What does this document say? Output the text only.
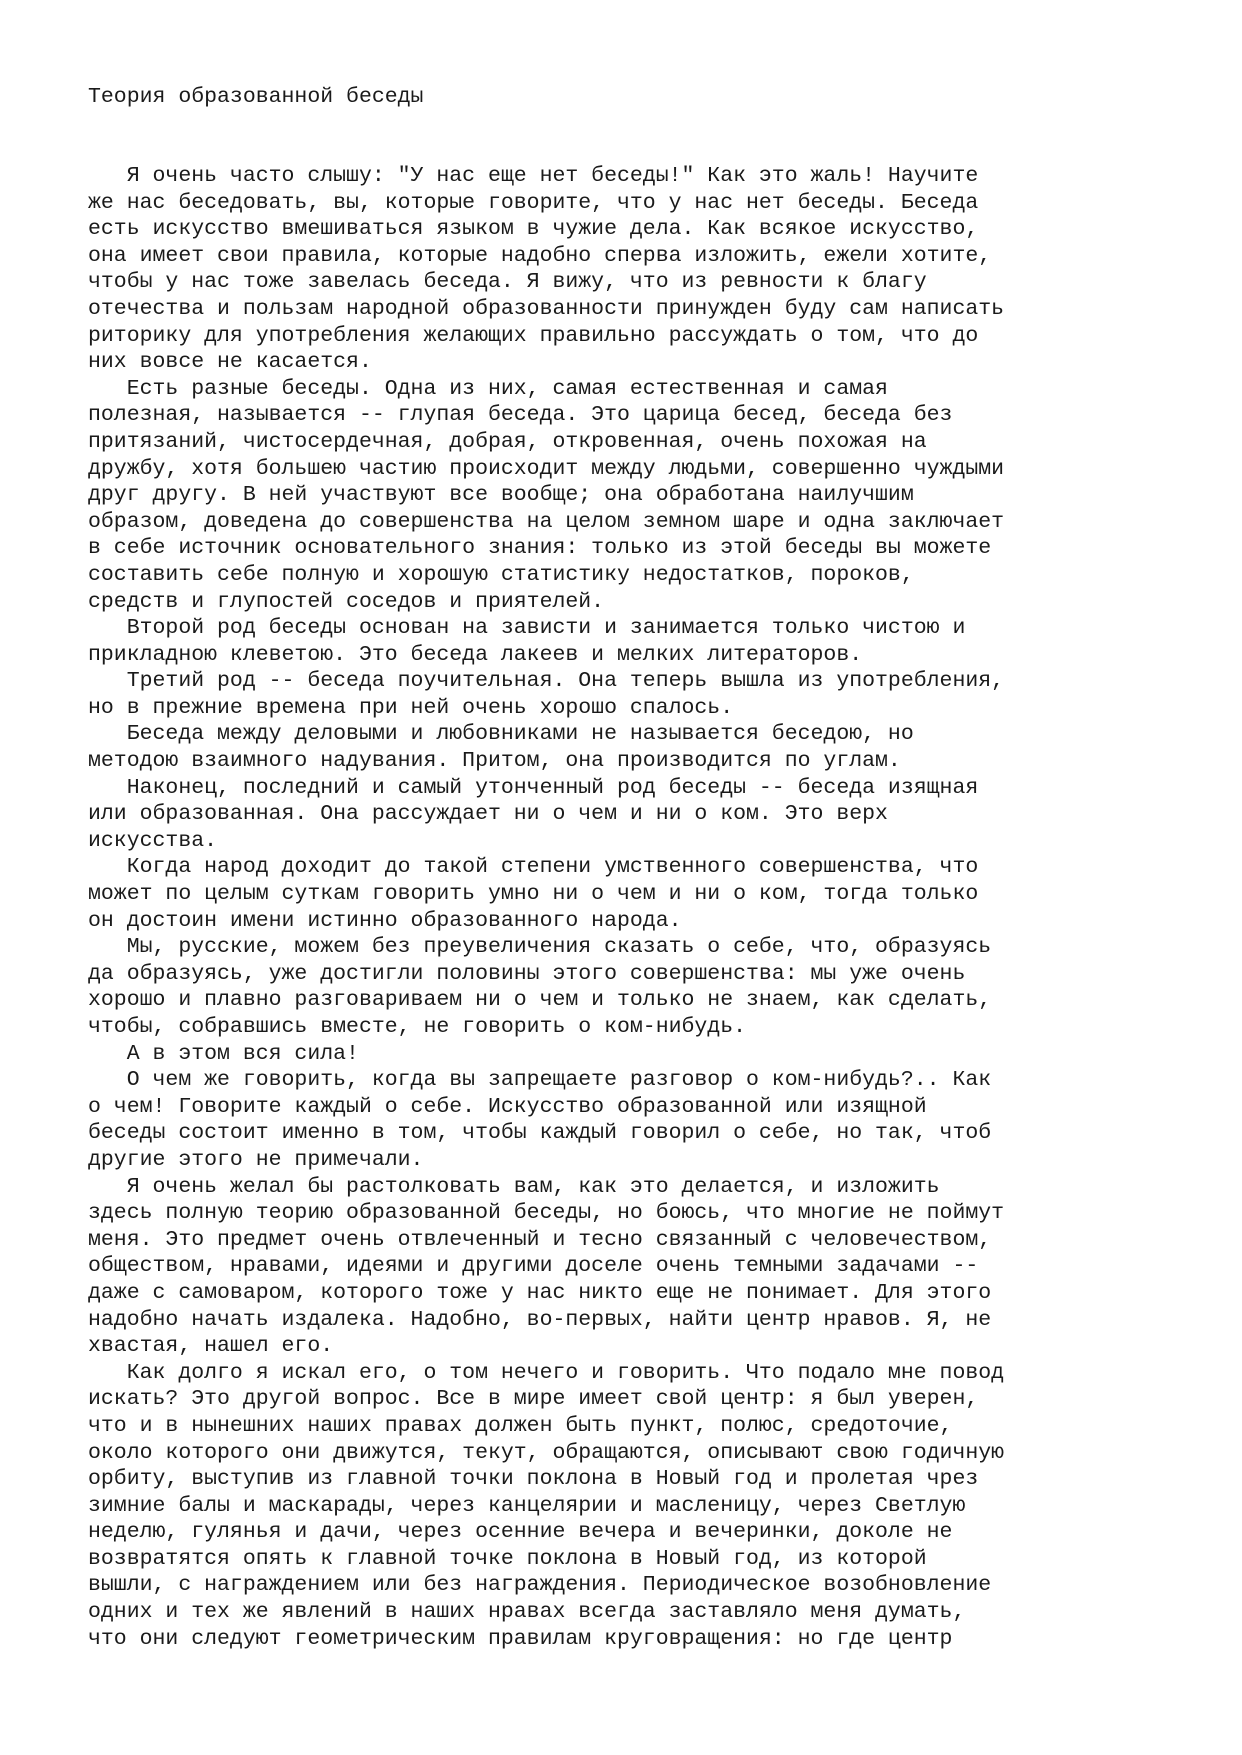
Теория образованной беседы
Я очень часто слышу: "У нас еще нет беседы!" Как это жаль! Научите
же нас беседовать, вы, которые говорите, что у нас нет беседы. Беседа
есть искусство вмешиваться языком в чужие дела. Как всякое искусство,
она имеет свои правила, которые надобно сперва изложить, ежели хотите,
чтобы у нас тоже завелась беседа. Я вижу, что из ревности к благу
отечества и пользам народной образованности принужден буду сам написать
риторику для употребления желающих правильно рассуждать о том, что до
них вовсе не касается.
Есть разные беседы. Одна из них, самая естественная и самая
полезная, называется -- глупая беседа. Это царица бесед, беседа без
притязаний, чистосердечная, добрая, откровенная, очень похожая на
дружбу, хотя большею частию происходит между людьми, совершенно чуждыми
друг другу. В ней участвуют все вообще; она обработана наилучшим
образом, доведена до совершенства на целом земном шаре и одна заключает
в себе источник основательного знания: только из этой беседы вы можете
составить себе полную и хорошую статистику недостатков, пороков,
средств и глупостей соседов и приятелей.
Второй род беседы основан на зависти и занимается только чистою и
прикладною клеветою. Это беседа лакеев и мелких литераторов.
Третий род -- беседа поучительная. Она теперь вышла из употребления,
но в прежние времена при ней очень хорошо спалось.
Беседа между деловыми и любовниками не называется беседою, но
методою взаимного надувания. Притом, она производится по углам.
Наконец, последний и самый утонченный род беседы -- беседа изящная
или образованная. Она рассуждает ни о чем и ни о ком. Это верх
искусства.
Когда народ доходит до такой степени умственного совершенства, что
может по целым суткам говорить умно ни о чем и ни о ком, тогда только
он достоин имени истинно образованного народа.
Мы, русские, можем без преувеличения сказать о себе, что, образуясь
да образуясь, уже достигли половины этого совершенства: мы уже очень
хорошо и плавно разговариваем ни о чем и только не знаем, как сделать,
чтобы, собравшись вместе, не говорить о ком-нибудь.
А в этом вся сила!
О чем же говорить, когда вы запрещаете разговор о ком-нибудь?.. Как
о чем! Говорите каждый о себе. Искусство образованной или изящной
беседы состоит именно в том, чтобы каждый говорил о себе, но так, чтоб
другие этого не примечали.
Я очень желал бы растолковать вам, как это делается, и изложить
здесь полную теорию образованной беседы, но боюсь, что многие не поймут
меня. Это предмет очень отвлеченный и тесно связанный с человечеством,
обществом, нравами, идеями и другими доселе очень темными задачами --
даже с самоваром, которого тоже у нас никто еще не понимает. Для этого
надобно начать издалека. Надобно, во-первых, найти центр нравов. Я, не
хвастая, нашел его.
Как долго я искал его, о том нечего и говорить. Что подало мне повод
искать? Это другой вопрос. Все в мире имеет свой центр: я был уверен,
что и в нынешних наших правах должен быть пункт, полюс, средоточие,
около которого они движутся, текут, обращаются, описывают свою годичную
орбиту, выступив из главной точки поклона в Новый год и пролетая чрез
зимние балы и маскарады, через канцелярии и масленицу, через Светлую
неделю, гулянья и дачи, через осенние вечера и вечеринки, доколе не
возвратятся опять к главной точке поклона в Новый год, из которой
вышли, с награждением или без награждения. Периодическое возобновление
одних и тех же явлений в наших нравах всегда заставляло меня думать,
что они следуют геометрическим правилам круговращения: но где центр
